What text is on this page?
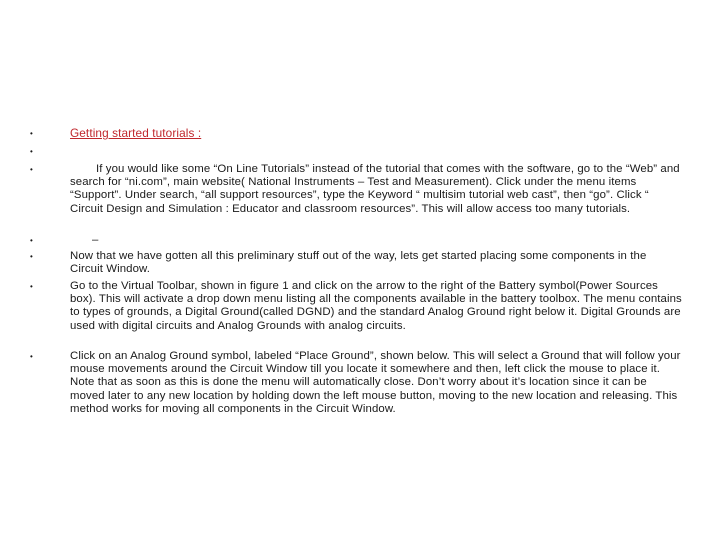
•	Getting started tutorials :
•
•	If you would like some “On Line Tutorials” instead of the tutorial that comes with the software, go to the “Web” and search for “ni.com”, main website( National Instruments – Test and Measurement). Click under the menu items “Support”. Under search, “all support resources”, type the Keyword “ multisim tutorial web cast”, then “go”. Click “ Circuit Design and Simulation : Educator and classroom resources”. This will allow access too many tutorials.
•	–
•	Now that we have gotten all this preliminary stuff out of the way, lets get started placing some components in the Circuit Window.
•	Go to the Virtual Toolbar, shown in figure 1 and click on the arrow to the right of the Battery symbol(Power Sources box). This will activate a drop down menu listing all the components available in the battery toolbox. The menu contains to types of grounds, a Digital Ground(called DGND) and the standard Analog Ground right below it. Digital Grounds are used with digital circuits and Analog Grounds with analog circuits.
•	Click on an Analog Ground symbol, labeled “Place Ground”, shown below. This will select a Ground that will follow your mouse movements around the Circuit Window till you locate it somewhere and then, left click the mouse to place it. Note that as soon as this is done the menu will automatically close. Don’t worry about it’s location since it can be moved later to any new location by holding down the left mouse button, moving to the new location and releasing. This method works for moving all components in the Circuit Window.
